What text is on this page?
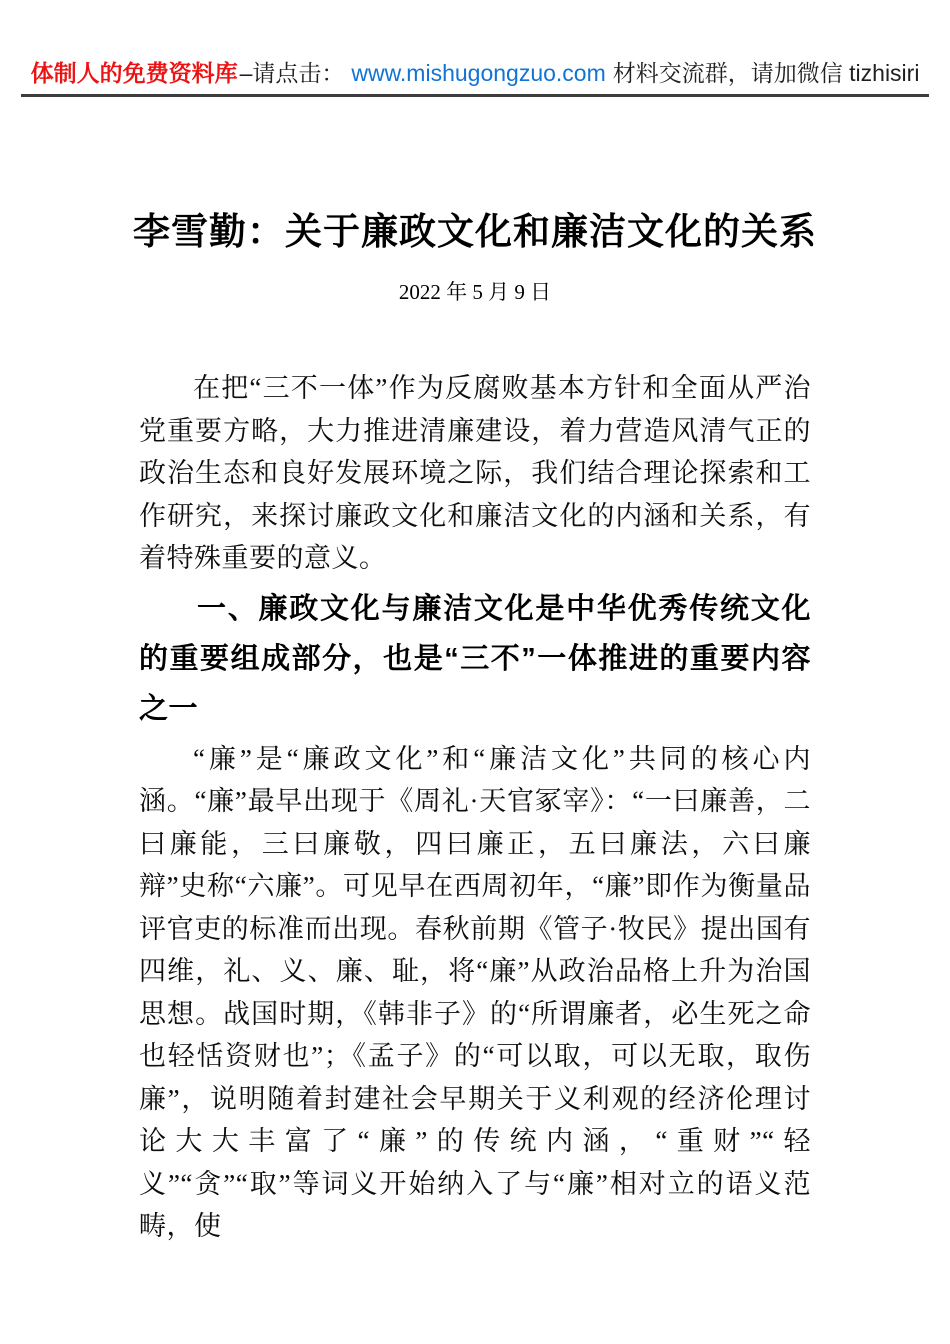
体制人的免费资料库–请点击： www.mishugongzuo.com 材料交流群，请加微信 tizhisiri
李雪勤：关于廉政文化和廉洁文化的关系
2022 年 5 月 9 日

在把“三不一体”作为反腐败基本方针和全面从严治党重要方略，大力推进清廉建设，着力营造风清气正的政治生态和良好发展环境之际，我们结合理论探索和工作研究，来探讨廉政文化和廉洁文化的内涵和关系，有着特殊重要的意义。

一、廉政文化与廉洁文化是中华优秀传统文化的重要组成部分，也是“三不”一体推进的重要内容之一

“廉”是“廉政文化”和“廉洁文化”共同的核心内涵。“廉”最早出现于《周礼·天官冢宰》：“一曰廉善，二曰廉能，三曰廉敬，四曰廉正，五曰廉法，六曰廉辩”史称“六廉”。可见早在西周初年，“廉”即作为衡量品评官吏的标准而出现。春秋前期《管子·牧民》提出国有四维，礼、义、廉、耻，将“廉”从政治品格上升为治国思想。战国时期，《韩非子》的“所谓廉者，必生死之命也轻恬资财也”；《孟子》的“可以取，可以无取，取伤廉”，说明随着封建社会早期关于义利观的经济伦理讨论大大丰富了“廉”的传统内涵，“重财”“轻义”“贪”“取”等词义开始纳入了与“廉”相对立的语义范畴，使
